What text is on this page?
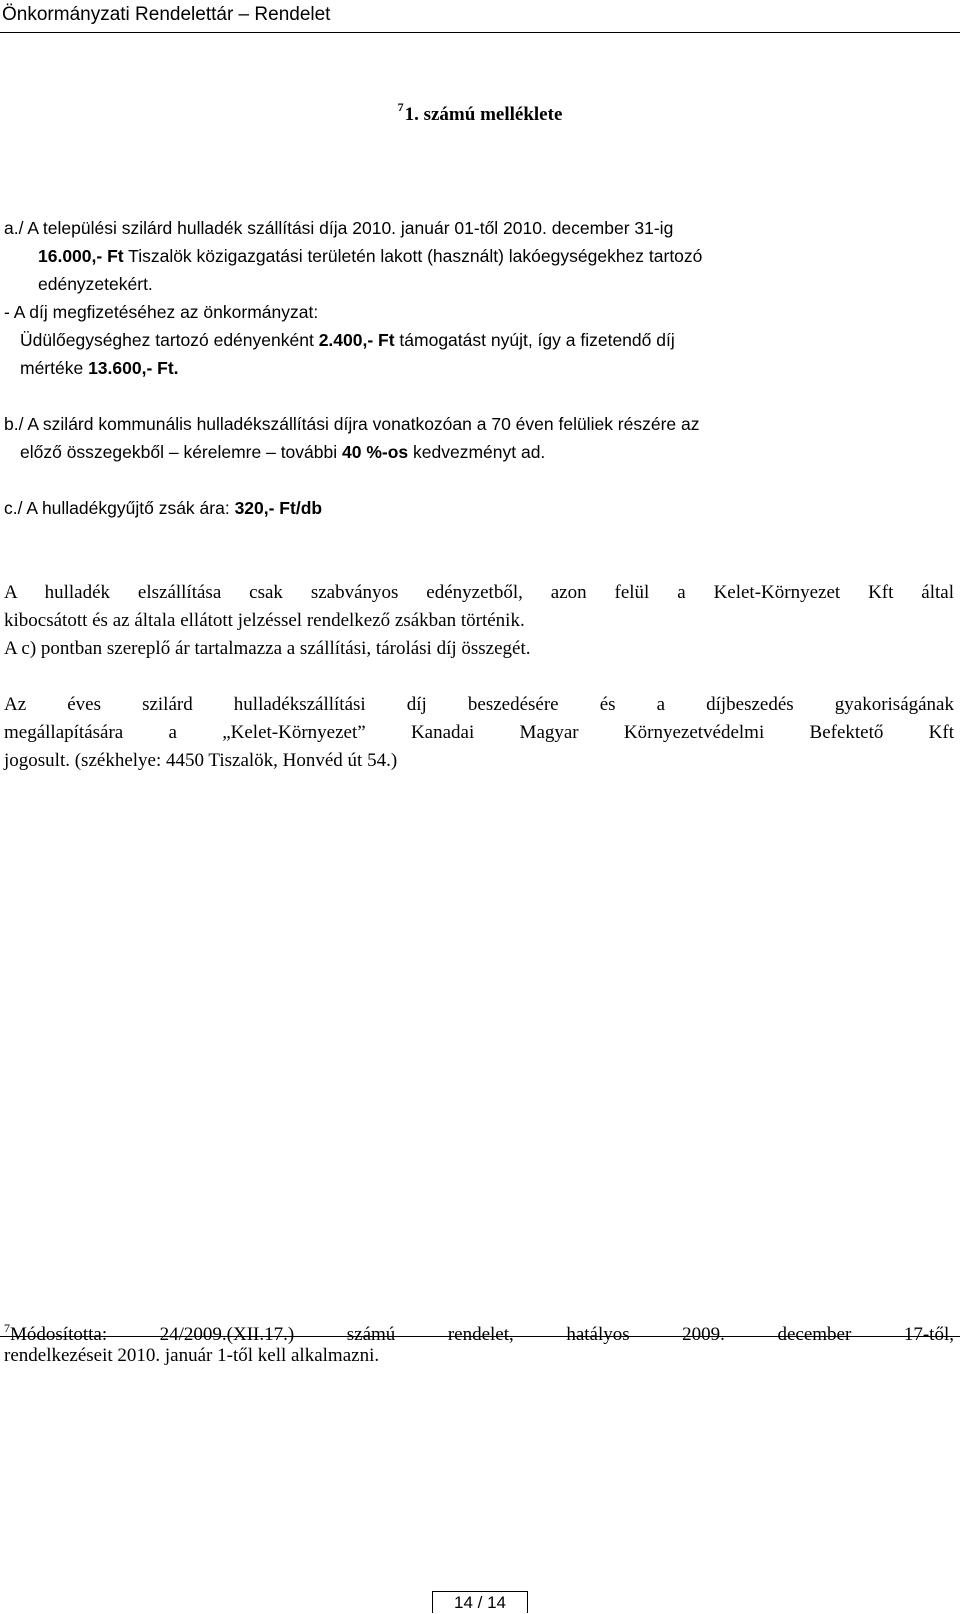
Önkormányzati Rendelettár – Rendelet
$^7$1. számú melléklete
a./ A települési szilárd hulladék szállítási díja 2010. január 01-től 2010. december 31-ig
16.000,- Ft Tiszalök közigazgatási területén lakott (használt) lakóegységekhez tartozó
edényzetekért.
- A díj megfizetéséhez az önkormányzat:
Üdülőegységhez tartozó edényenként 2.400,- Ft támogatást nyújt, így a fizetendő díj
mértéke 13.600,- Ft.
b./ A szilárd kommunális hulladékszállítási díjra vonatkozóan a 70 éven felüliek részére az
előző összegekből – kérelemre – további 40 %-os kedvezményt ad.
c./ A hulladékgyűjtő zsák ára: 320,- Ft/db
A hulladék elszállítása csak szabványos edényzetből, azon felül a Kelet-Környezet Kft által
kibocsátott és az általa ellátott jelzéssel rendelkező zsákban történik.
A c) pontban szereplő ár tartalmazza a szállítási, tárolási díj összegét.
Az éves szilárd hulladékszállítási díj beszedésére és a díjbeszedés gyakoriságának
megállapítására a „Kelet-Környezet” Kanadai Magyar Környezetvédelmi Befektető Kft
jogosult. (székhelye: 4450 Tiszalök, Honvéd út 54.)
$^7$Módosította: 24/2009.(XII.17.) számú rendelet, hatályos 2009. december 17-től,
rendelkezéseit 2010. január 1-től kell alkalmazni.
14 / 14
